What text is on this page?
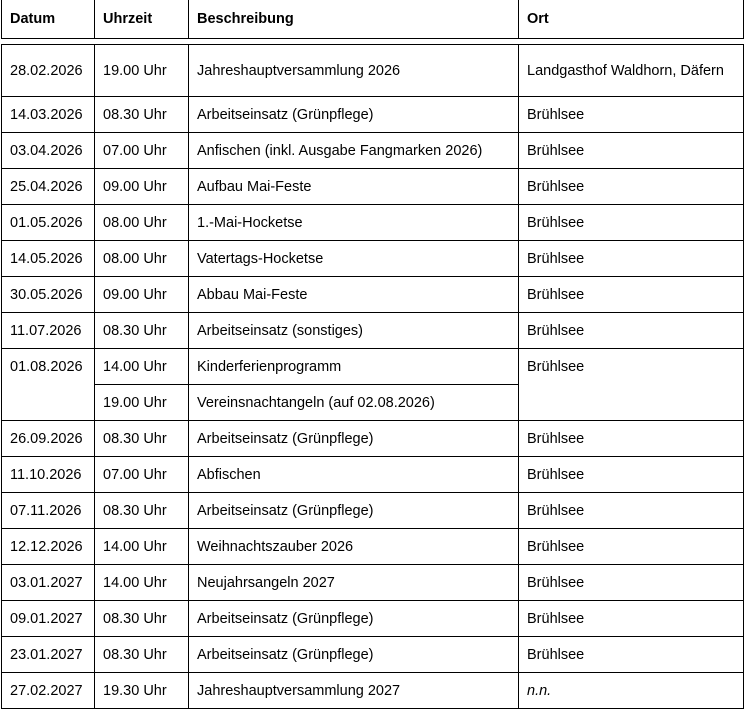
Datum	Uhrzeit	Beschreibung	Ort

28.02.2026	19.00 Uhr	Jahreshauptversammlung 2026	Landgasthof Waldhorn, Däfern
14.03.2026	08.30 Uhr	Arbeitseinsatz (Grünpflege)	Brühlsee
03.04.2026	07.00 Uhr	Anfischen (inkl. Ausgabe Fangmarken 2026)	Brühlsee
25.04.2026	09.00 Uhr	Aufbau Mai-Feste	Brühlsee
01.05.2026	08.00 Uhr	1.-Mai-Hocketse	Brühlsee
14.05.2026	08.00 Uhr	Vatertags-Hocketse	Brühlsee
30.05.2026	09.00 Uhr	Abbau Mai-Feste	Brühlsee
11.07.2026	08.30 Uhr	Arbeitseinsatz (sonstiges)	Brühlsee
01.08.2026	14.00 Uhr	Kinderferienprogramm	Brühlsee
	19.00 Uhr	Vereinsnachtangeln (auf 02.08.2026)	
26.09.2026	08.30 Uhr	Arbeitseinsatz (Grünpflege)	Brühlsee
11.10.2026	07.00 Uhr	Abfischen	Brühlsee
07.11.2026	08.30 Uhr	Arbeitseinsatz (Grünpflege)	Brühlsee
12.12.2026	14.00 Uhr	Weihnachtszauber 2026	Brühlsee
03.01.2027	14.00 Uhr	Neujahrsangeln 2027	Brühlsee
09.01.2027	08.30 Uhr	Arbeitseinsatz (Grünpflege)	Brühlsee
23.01.2027	08.30 Uhr	Arbeitseinsatz (Grünpflege)	Brühlsee
27.02.2027	19.30 Uhr	Jahreshauptversammlung 2027	n.n.
